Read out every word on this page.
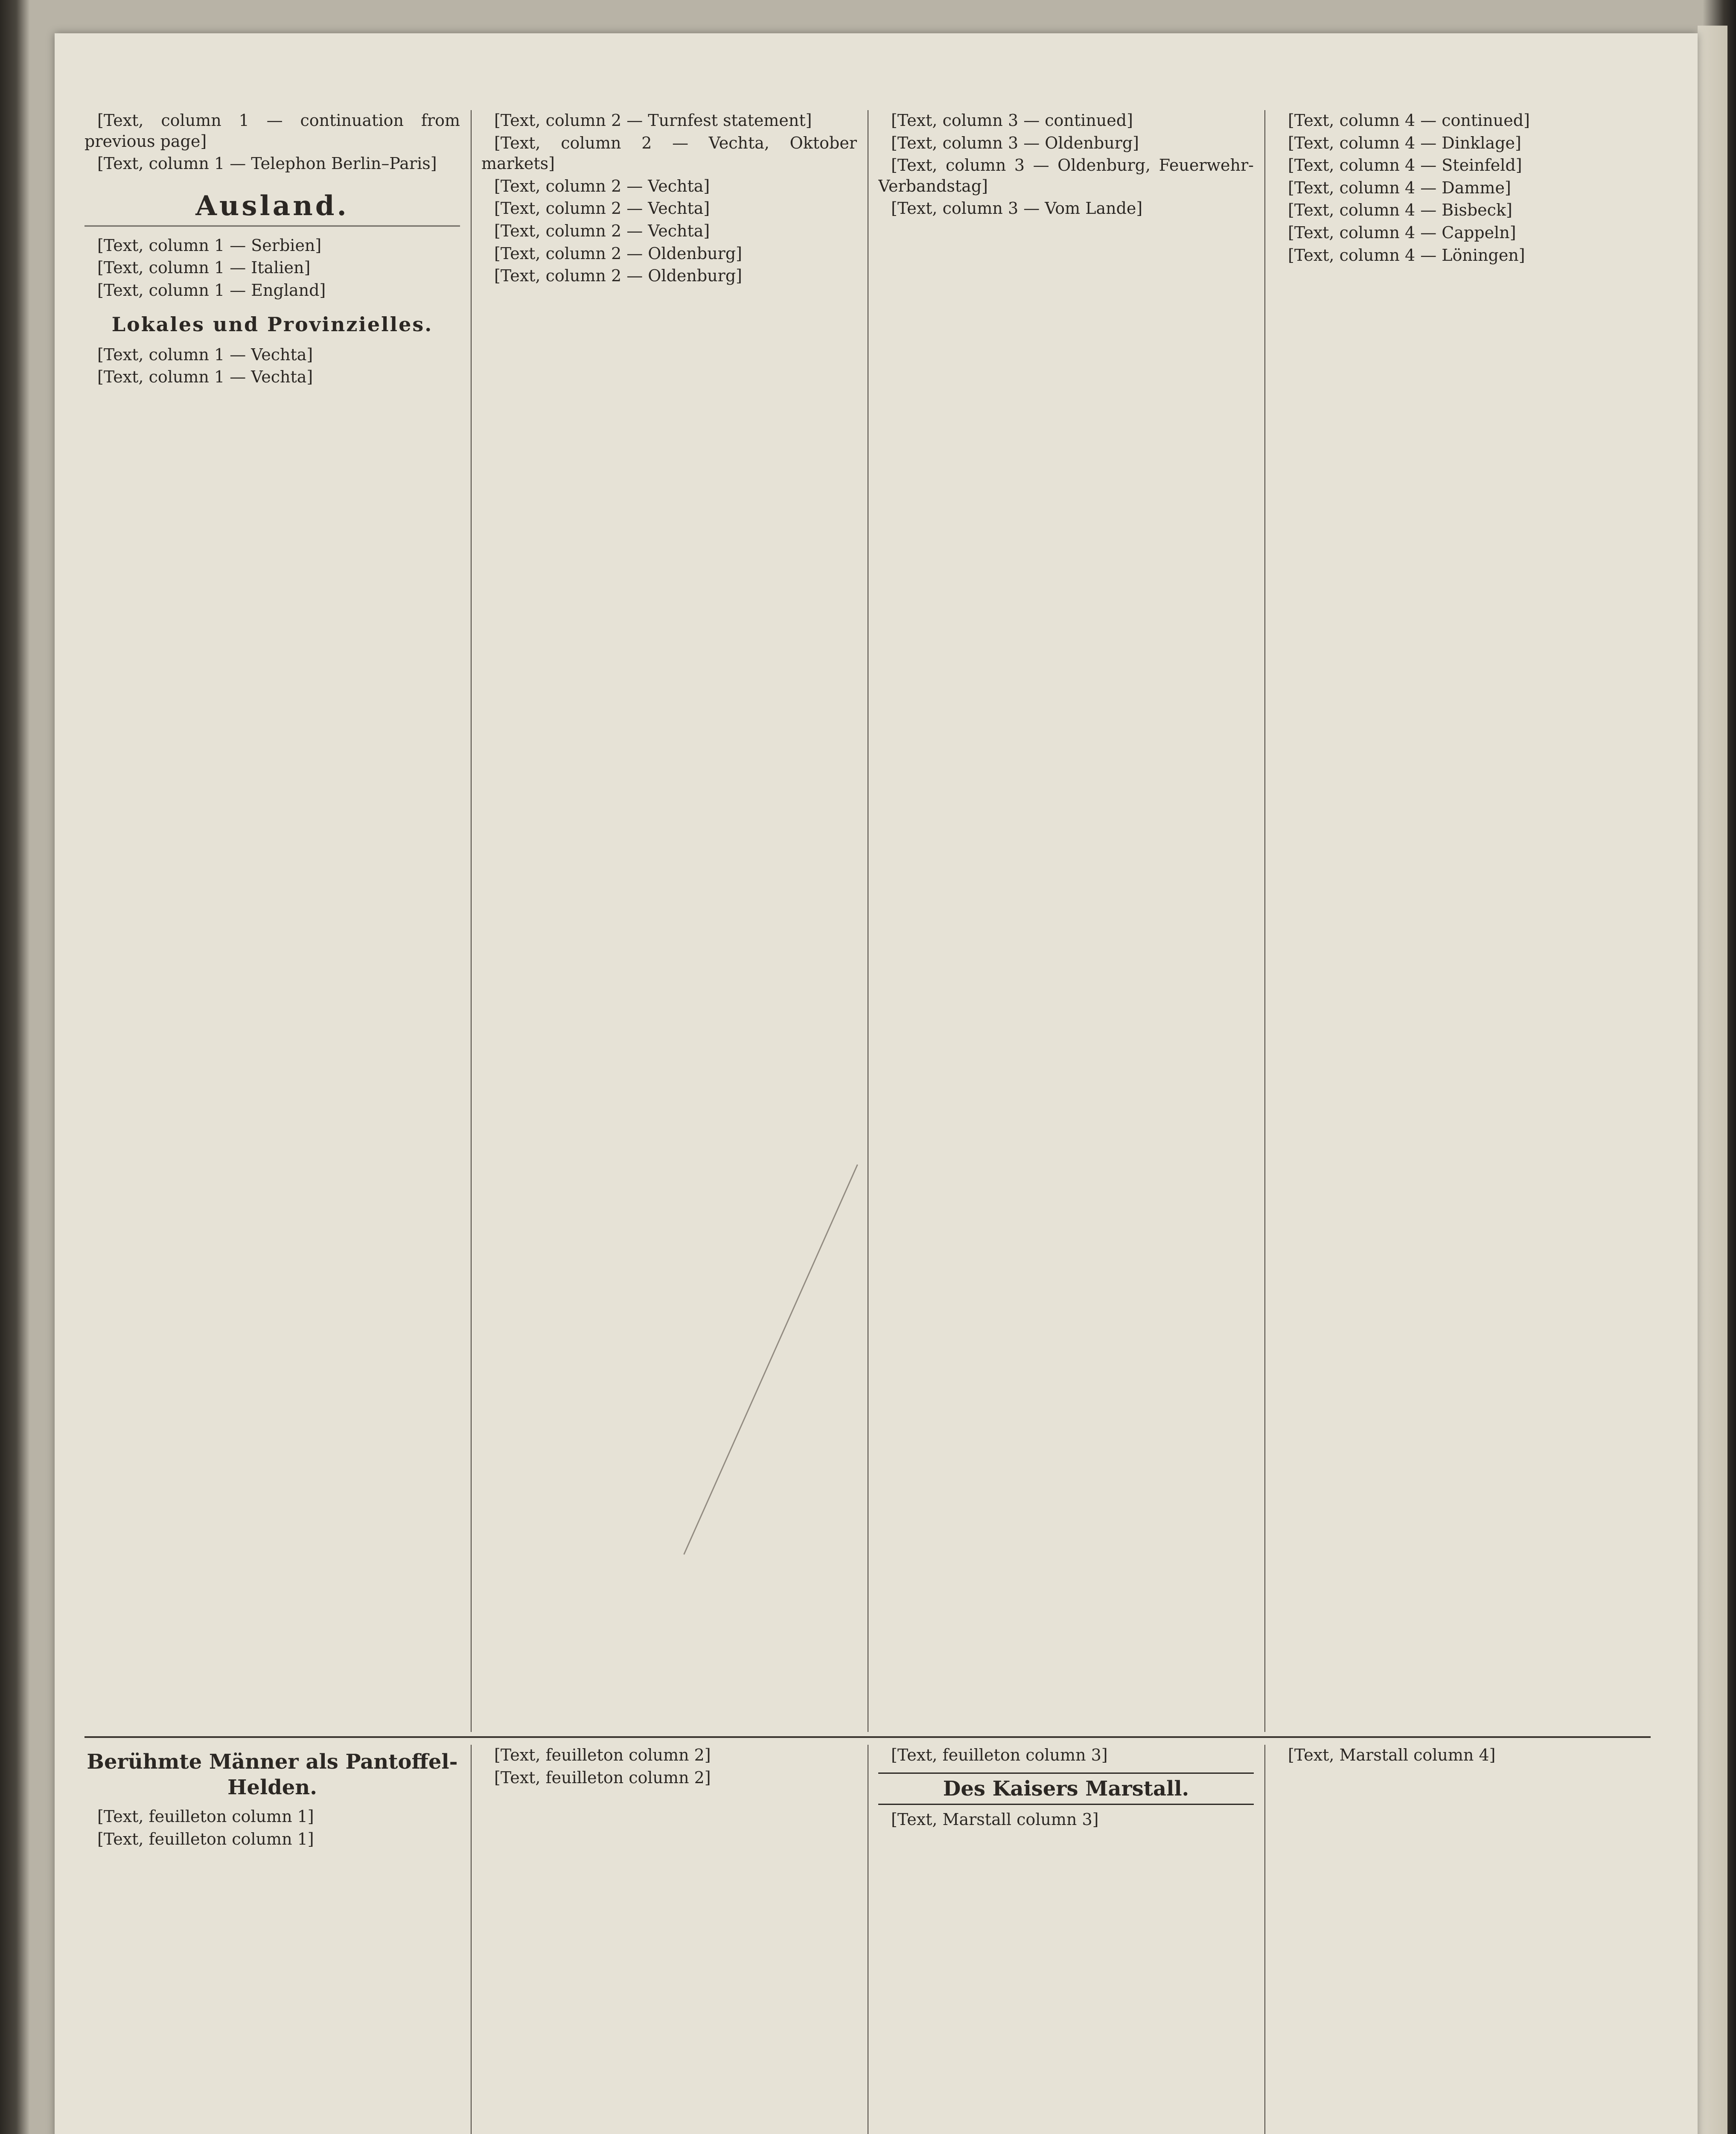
[Text, column 1 — continuation from previous page]

[Text, column 1 — Telephon Berlin–Paris]

Ausland.

[Text, column 1 — Serbien]

[Text, column 1 — Italien]

[Text, column 1 — England]

Lokales und Provinzielles.

[Text, column 1 — Vechta]

[Text, column 1 — Vechta]

[Text, column 2 — Turnfest statement]

[Text, column 2 — Vechta, Oktober markets]

[Text, column 2 — Vechta]

[Text, column 2 — Vechta]

[Text, column 2 — Vechta]

[Text, column 2 — Oldenburg]

[Text, column 2 — Oldenburg]

[Text, column 3 — continued]

[Text, column 3 — Oldenburg]

[Text, column 3 — Oldenburg, Feuerwehr-Verbandstag]

[Text, column 3 — Vom Lande]

[Text, column 4 — continued]

[Text, column 4 — Dinklage]

[Text, column 4 — Steinfeld]

[Text, column 4 — Damme]

[Text, column 4 — Bisbeck]

[Text, column 4 — Cappeln]

[Text, column 4 — Löningen]

Berühmte Männer als Pantoffel-Helden.

[Text, feuilleton column 1]

[Text, feuilleton column 1]

[Text, feuilleton column 2]

[Text, feuilleton column 2]

[Text, feuilleton column 3]

Des Kaisers Marstall.

[Text, Marstall column 3]

[Text, Marstall column 4]
